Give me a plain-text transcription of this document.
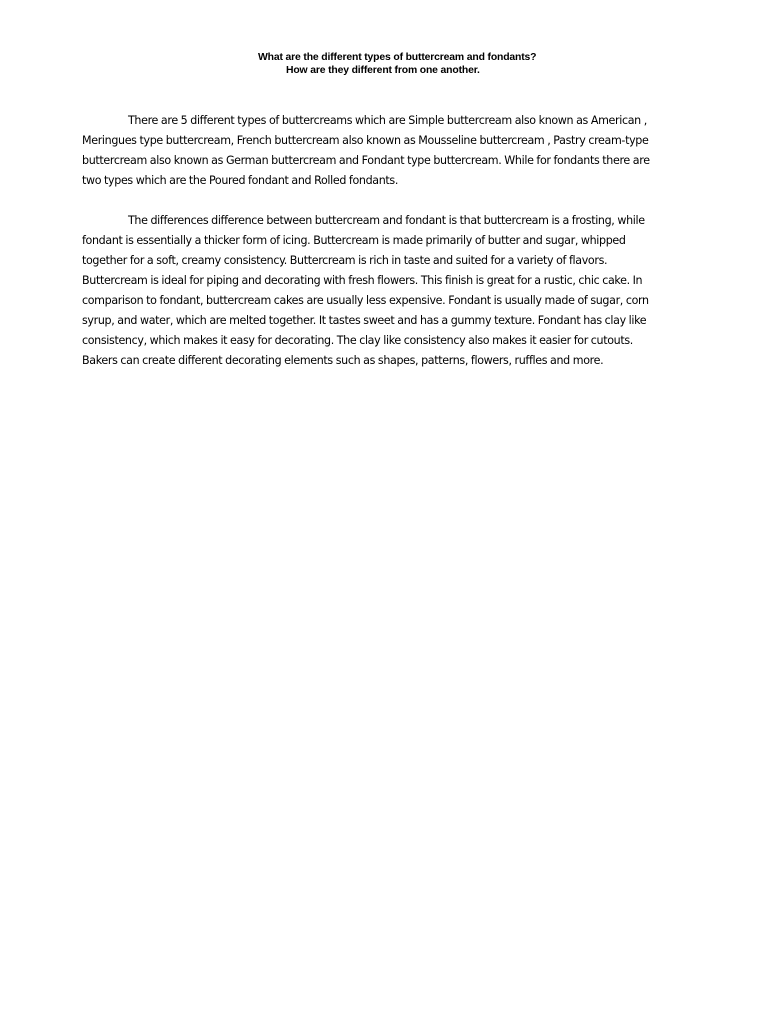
What are the different types of buttercream and fondants?
How are they different from one another.
There are 5 different types of buttercreams which are Simple buttercream also known as American ,
Meringues type buttercream, French buttercream also known as Mousseline buttercream , Pastry cream-type
buttercream also known as German buttercream and Fondant type buttercream. While for fondants there are
two types which are the Poured fondant and Rolled fondants.
The differences difference between buttercream and fondant is that buttercream is a frosting, while
fondant is essentially a thicker form of icing. Buttercream is made primarily of butter and sugar, whipped
together for a soft, creamy consistency. Buttercream is rich in taste and suited for a variety of flavors.
Buttercream is ideal for piping and decorating with fresh flowers. This finish is great for a rustic, chic cake. In
comparison to fondant, buttercream cakes are usually less expensive. Fondant is usually made of sugar, corn
syrup, and water, which are melted together. It tastes sweet and has a gummy texture. Fondant has clay like
consistency, which makes it easy for decorating. The clay like consistency also makes it easier for cutouts.
Bakers can create different decorating elements such as shapes, patterns, flowers, ruffles and more.
